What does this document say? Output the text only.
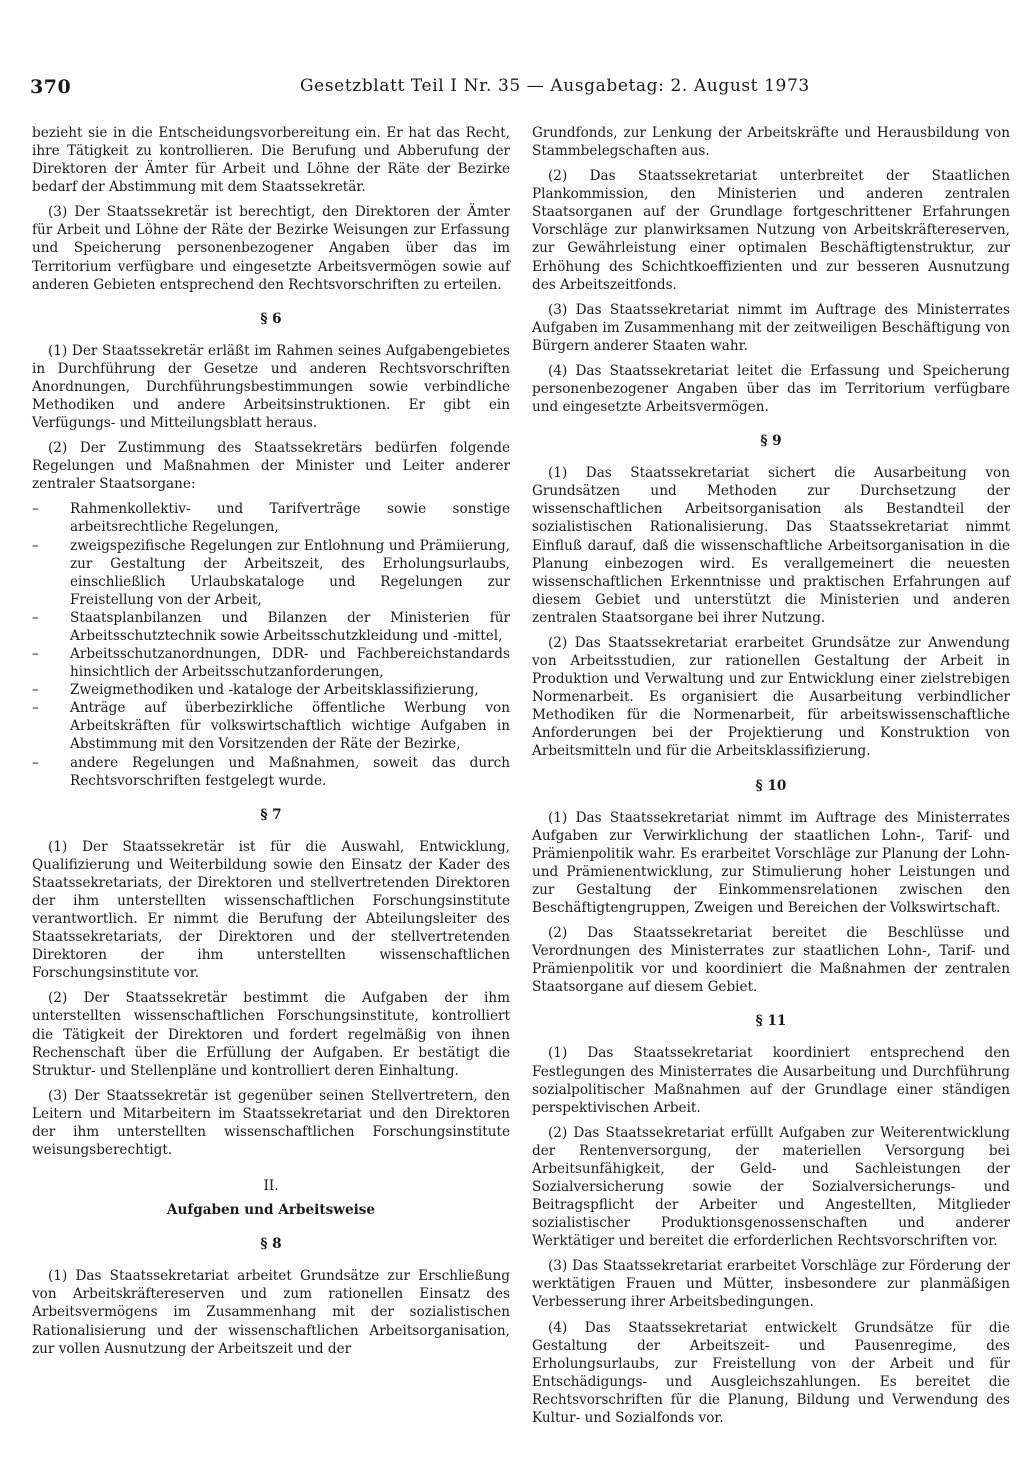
370	Gesetzblatt Teil I Nr. 35 — Ausgabetag: 2. August 1973

bezieht sie in die Entscheidungsvorbereitung ein. Er hat das Recht, ihre Tätigkeit zu kontrollieren. Die Berufung und Abberufung der Direktoren der Ämter für Arbeit und Löhne der Räte der Bezirke bedarf der Abstimmung mit dem Staatssekretär.

(3) Der Staatssekretär ist berechtigt, den Direktoren der Ämter für Arbeit und Löhne der Räte der Bezirke Weisungen zur Erfassung und Speicherung personenbezogener Angaben über das im Territorium verfügbare und eingesetzte Arbeitsvermögen sowie auf anderen Gebieten entsprechend den Rechtsvorschriften zu erteilen.

§ 6

(1) Der Staatssekretär erläßt im Rahmen seines Aufgabengebietes in Durchführung der Gesetze und anderen Rechtsvorschriften Anordnungen, Durchführungsbestimmungen sowie verbindliche Methodiken und andere Arbeitsinstruktionen. Er gibt ein Verfügungs- und Mitteilungsblatt heraus.

(2) Der Zustimmung des Staatssekretärs bedürfen folgende Regelungen und Maßnahmen der Minister und Leiter anderer zentraler Staatsorgane:

– Rahmenkollektiv- und Tarifverträge sowie sonstige arbeitsrechtliche Regelungen,
– zweigspezifische Regelungen zur Entlohnung und Prämiierung, zur Gestaltung der Arbeitszeit, des Erholungsurlaubs, einschließlich Urlaubskataloge und Regelungen zur Freistellung von der Arbeit,
– Staatsplanbilanzen und Bilanzen der Ministerien für Arbeitsschutztechnik sowie Arbeitsschutzkleidung und -mittel,
– Arbeitsschutzanordnungen, DDR- und Fachbereichstandards hinsichtlich der Arbeitsschutzanforderungen,
– Zweigmethodiken und -kataloge der Arbeitsklassifizierung,
– Anträge auf überbezirkliche öffentliche Werbung von Arbeitskräften für volkswirtschaftlich wichtige Aufgaben in Abstimmung mit den Vorsitzenden der Räte der Bezirke,
– andere Regelungen und Maßnahmen, soweit das durch Rechtsvorschriften festgelegt wurde.
§ 7

(1) Der Staatssekretär ist für die Auswahl, Entwicklung, Qualifizierung und Weiterbildung sowie den Einsatz der Kader des Staatssekretariats, der Direktoren und stellvertretenden Direktoren der ihm unterstellten wissenschaftlichen Forschungsinstitute verantwortlich. Er nimmt die Berufung der Abteilungsleiter des Staatssekretariats, der Direktoren und der stellvertretenden Direktoren der ihm unterstellten wissenschaftlichen Forschungsinstitute vor.

(2) Der Staatssekretär bestimmt die Aufgaben der ihm unterstellten wissenschaftlichen Forschungsinstitute, kontrolliert die Tätigkeit der Direktoren und fordert regelmäßig von ihnen Rechenschaft über die Erfüllung der Aufgaben. Er bestätigt die Struktur- und Stellenpläne und kontrolliert deren Einhaltung.

(3) Der Staatssekretär ist gegenüber seinen Stellvertretern, den Leitern und Mitarbeitern im Staatssekretariat und den Direktoren der ihm unterstellten wissenschaftlichen Forschungsinstitute weisungsberechtigt.

II.
Aufgaben und Arbeitsweise
§ 8

(1) Das Staatssekretariat arbeitet Grundsätze zur Erschließung von Arbeitskräftereserven und zum rationellen Einsatz des Arbeitsvermögens im Zusammenhang mit der sozialistischen Rationalisierung und der wissenschaftlichen Arbeitsorganisation, zur vollen Ausnutzung der Arbeitszeit und der

Grundfonds, zur Lenkung der Arbeitskräfte und Herausbildung von Stammbelegschaften aus.

(2) Das Staatssekretariat unterbreitet der Staatlichen Plankommission, den Ministerien und anderen zentralen Staatsorganen auf der Grundlage fortgeschrittener Erfahrungen Vorschläge zur planwirksamen Nutzung von Arbeitskräftereserven, zur Gewährleistung einer optimalen Beschäftigtenstruktur, zur Erhöhung des Schichtkoeffizienten und zur besseren Ausnutzung des Arbeitszeitfonds.

(3) Das Staatssekretariat nimmt im Auftrage des Ministerrates Aufgaben im Zusammenhang mit der zeitweiligen Beschäftigung von Bürgern anderer Staaten wahr.

(4) Das Staatssekretariat leitet die Erfassung und Speicherung personenbezogener Angaben über das im Territorium verfügbare und eingesetzte Arbeitsvermögen.

§ 9

(1) Das Staatssekretariat sichert die Ausarbeitung von Grundsätzen und Methoden zur Durchsetzung der wissenschaftlichen Arbeitsorganisation als Bestandteil der sozialistischen Rationalisierung. Das Staatssekretariat nimmt Einfluß darauf, daß die wissenschaftliche Arbeitsorganisation in die Planung einbezogen wird. Es verallgemeinert die neuesten wissenschaftlichen Erkenntnisse und praktischen Erfahrungen auf diesem Gebiet und unterstützt die Ministerien und anderen zentralen Staatsorgane bei ihrer Nutzung.

(2) Das Staatssekretariat erarbeitet Grundsätze zur Anwendung von Arbeitsstudien, zur rationellen Gestaltung der Arbeit in Produktion und Verwaltung und zur Entwicklung einer zielstrebigen Normenarbeit. Es organisiert die Ausarbeitung verbindlicher Methodiken für die Normenarbeit, für arbeitswissenschaftliche Anforderungen bei der Projektierung und Konstruktion von Arbeitsmitteln und für die Arbeitsklassifizierung.

§ 10

(1) Das Staatssekretariat nimmt im Auftrage des Ministerrates Aufgaben zur Verwirklichung der staatlichen Lohn-, Tarif- und Prämienpolitik wahr. Es erarbeitet Vorschläge zur Planung der Lohn- und Prämienentwicklung, zur Stimulierung hoher Leistungen und zur Gestaltung der Einkommensrelationen zwischen den Beschäftigtengruppen, Zweigen und Bereichen der Volkswirtschaft.

(2) Das Staatssekretariat bereitet die Beschlüsse und Verordnungen des Ministerrates zur staatlichen Lohn-, Tarif- und Prämienpolitik vor und koordiniert die Maßnahmen der zentralen Staatsorgane auf diesem Gebiet.

§ 11

(1) Das Staatssekretariat koordiniert entsprechend den Festlegungen des Ministerrates die Ausarbeitung und Durchführung sozialpolitischer Maßnahmen auf der Grundlage einer ständigen perspektivischen Arbeit.

(2) Das Staatssekretariat erfüllt Aufgaben zur Weiterentwicklung der Rentenversorgung, der materiellen Versorgung bei Arbeitsunfähigkeit, der Geld- und Sachleistungen der Sozialversicherung sowie der Sozialversicherungs- und Beitragspflicht der Arbeiter und Angestellten, Mitglieder sozialistischer Produktionsgenossenschaften und anderer Werktätiger und bereitet die erforderlichen Rechtsvorschriften vor.

(3) Das Staatssekretariat erarbeitet Vorschläge zur Förderung der werktätigen Frauen und Mütter, insbesondere zur planmäßigen Verbesserung ihrer Arbeitsbedingungen.

(4) Das Staatssekretariat entwickelt Grundsätze für die Gestaltung der Arbeitszeit- und Pausenregime, des Erholungsurlaubs, zur Freistellung von der Arbeit und für Entschädigungs- und Ausgleichszahlungen. Es bereitet die Rechtsvorschriften für die Planung, Bildung und Verwendung des Kultur- und Sozialfonds vor.
